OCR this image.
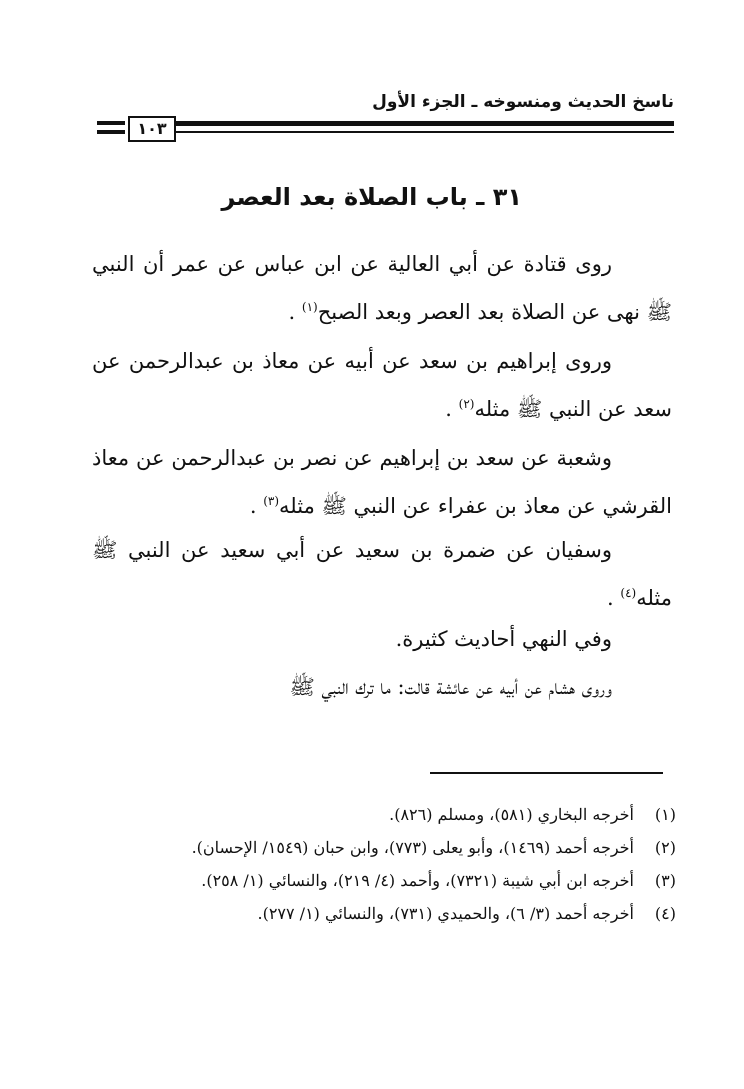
ناسخ الحديث ومنسوخه ـ الجزء الأول
١٠٣
٣١ ـ باب الصلاة بعد العصر

روى قتادة عن أبي العالية عن ابن عباس عن عمر أن النبي ﷺ نهى عن الصلاة بعد العصر وبعد الصبح$^{(١)}$ .

وروى إبراهيم بن سعد عن أبيه عن معاذ بن عبدالرحمن عن سعد عن النبي ﷺ مثله$^{(٢)}$ .

وشعبة عن سعد بن إبراهيم عن نصر بن عبدالرحمن عن معاذ القرشي عن معاذ بن عفراء عن النبي ﷺ مثله$^{(٣)}$ .

وسفيان عن ضمرة بن سعيد عن أبي سعيد عن النبي ﷺ مثله$^{(٤)}$ .

وفي النهي أحاديث كثيرة.

وروى هشام عن أبيه عن عائشة قالت: ما ترك النبي ﷺ

(١)
أخرجه البخاري (٥٨١)، ومسلم (٨٢٦).
(٢)
أخرجه أحمد (١٤٦٩)، وأبو يعلى (٧٧٣)، وابن حبان (١٥٤٩/ الإحسان).
(٣)
أخرجه ابن أبي شيبة (٧٣٢١)، وأحمد (٤/ ٢١٩)، والنسائي (١/ ٢٥٨).
(٤)
أخرجه أحمد (٣/ ٦)، والحميدي (٧٣١)، والنسائي (١/ ٢٧٧).
